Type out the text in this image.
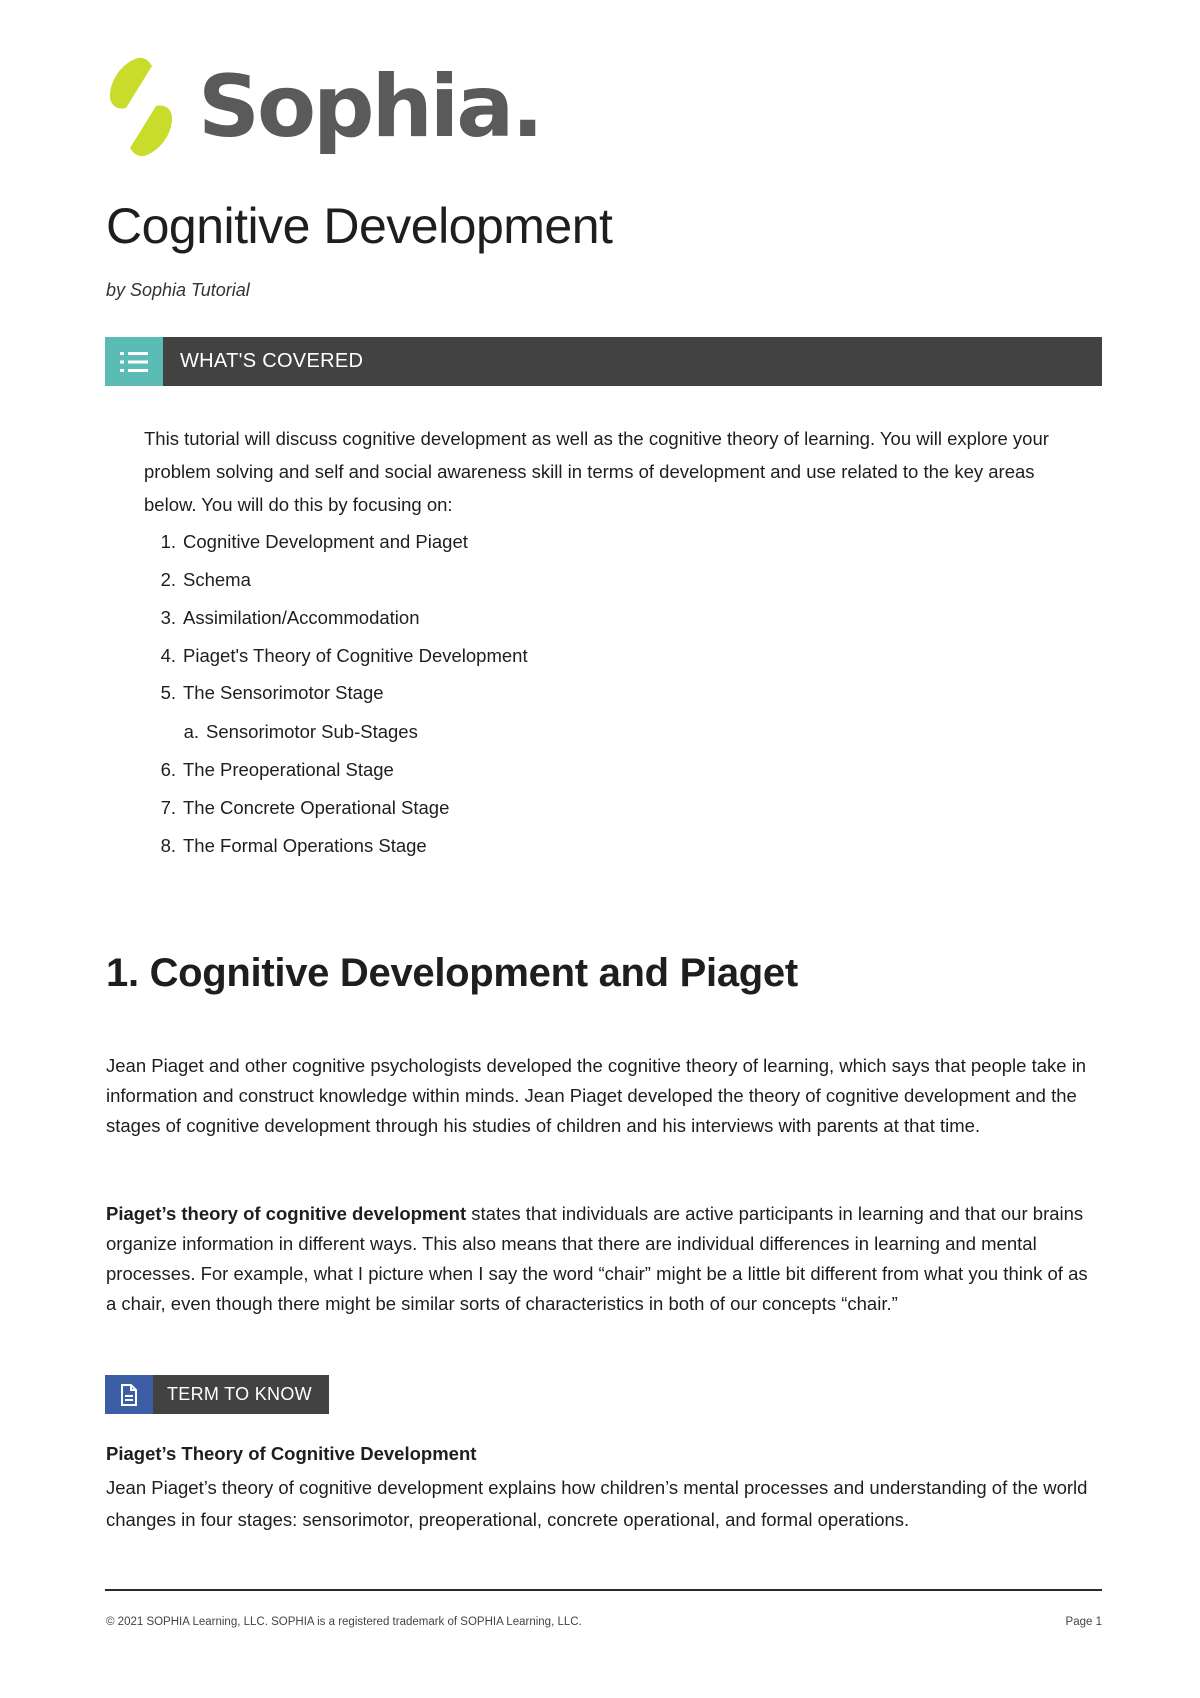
Sophia.
Cognitive Development
by Sophia Tutorial
WHAT'S COVERED

This tutorial will discuss cognitive development as well as the cognitive theory of learning. You will explore your problem solving and self and social awareness skill in terms of development and use related to the key areas below. You will do this by focusing on:

1. Cognitive Development and Piaget
2. Schema
3. Assimilation/Accommodation
4. Piaget's Theory of Cognitive Development
5. The Sensorimotor Stage
a. Sensorimotor Sub-Stages
6. The Preoperational Stage
7. The Concrete Operational Stage
8. The Formal Operations Stage
1. Cognitive Development and Piaget

Jean Piaget and other cognitive psychologists developed the cognitive theory of learning, which says that people take in information and construct knowledge within minds. Jean Piaget developed the theory of cognitive development and the stages of cognitive development through his studies of children and his interviews with parents at that time.

Piaget’s theory of cognitive development states that individuals are active participants in learning and that our brains organize information in different ways. This also means that there are individual differences in learning and mental processes. For example, what I picture when I say the word “chair” might be a little bit different from what you think of as a chair, even though there might be similar sorts of characteristics in both of our concepts “chair.”

TERM TO KNOW
Piaget’s Theory of Cognitive Development

Jean Piaget’s theory of cognitive development explains how children’s mental processes and understanding of the world changes in four stages: sensorimotor, preoperational, concrete operational, and formal operations.

© 2021 SOPHIA Learning, LLC. SOPHIA is a registered trademark of SOPHIA Learning, LLC.	Page 1
